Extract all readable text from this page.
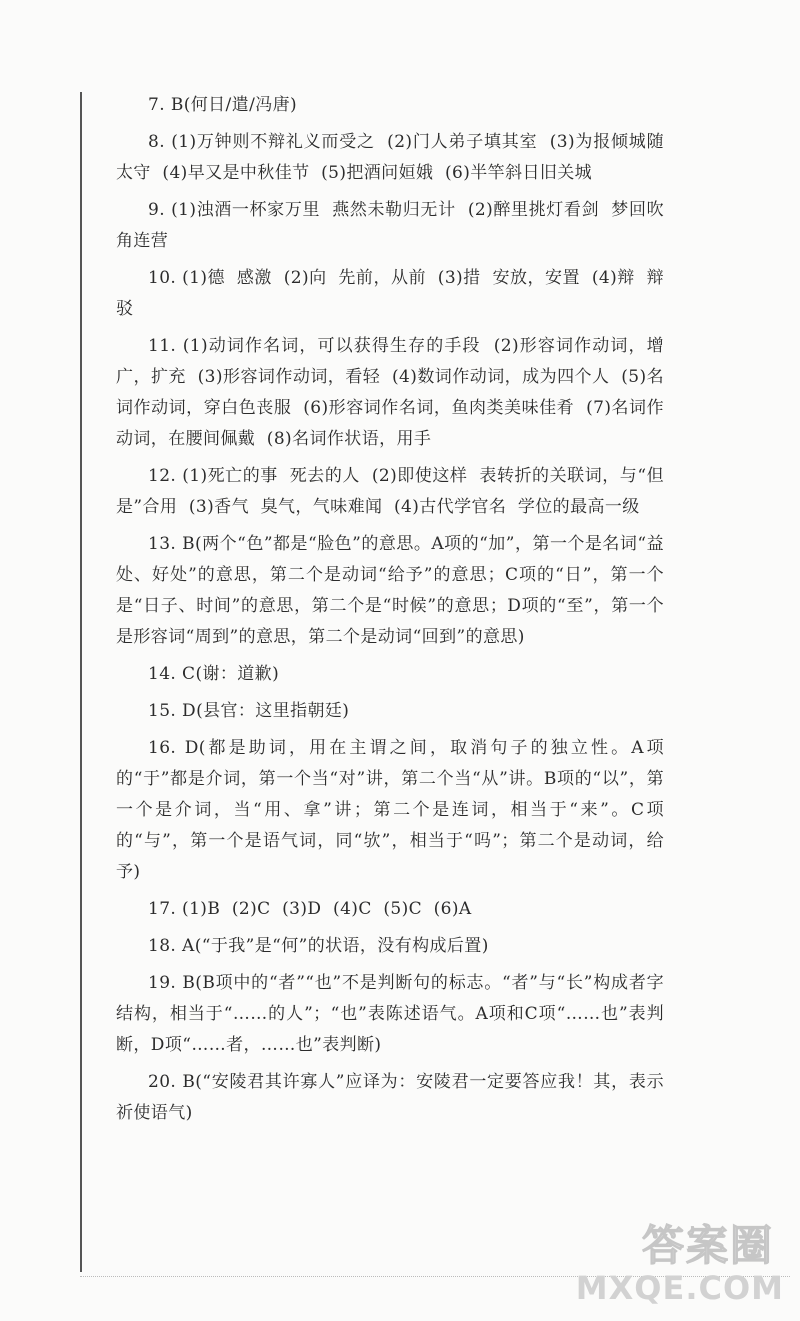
7. B(何日/遣/冯唐)

8. (1)万钟则不辩礼义而受之  (2)门人弟子填其室  (3)为报倾城随太守  (4)早又是中秋佳节  (5)把酒问姮娥  (6)半竿斜日旧关城

9. (1)浊酒一杯家万里  燕然未勒归无计  (2)醉里挑灯看剑  梦回吹角连营

10. (1)德  感激  (2)向  先前，从前  (3)措  安放，安置  (4)辩  辩驳

11. (1)动词作名词，可以获得生存的手段  (2)形容词作动词，增广，扩充  (3)形容词作动词，看轻  (4)数词作动词，成为四个人  (5)名词作动词，穿白色丧服  (6)形容词作名词，鱼肉类美味佳肴  (7)名词作动词，在腰间佩戴  (8)名词作状语，用手

12. (1)死亡的事  死去的人  (2)即使这样  表转折的关联词，与“但是”合用  (3)香气  臭气，气味难闻  (4)古代学官名  学位的最高一级

13. B(两个“色”都是“脸色”的意思。A项的“加”，第一个是名词“益处、好处”的意思，第二个是动词“给予”的意思；C项的“日”，第一个是“日子、时间”的意思，第二个是“时候”的意思；D项的“至”，第一个是形容词“周到”的意思，第二个是动词“回到”的意思)

14. C(谢：道歉)

15. D(县官：这里指朝廷)

16. D(都是助词，用在主谓之间，取消句子的独立性。A项的“于”都是介词，第一个当“对”讲，第二个当“从”讲。B项的“以”，第一个是介词，当“用、拿”讲；第二个是连词，相当于“来”。C项的“与”，第一个是语气词，同“欤”，相当于“吗”；第二个是动词，给予)

17. (1)B  (2)C  (3)D  (4)C  (5)C  (6)A

18. A(“于我”是“何”的状语，没有构成后置)

19. B(B项中的“者”“也”不是判断句的标志。“者”与“长”构成者字结构，相当于“……的人”；“也”表陈述语气。A项和C项“……也”表判断，D项“……者，……也”表判断)

20. B(“安陵君其许寡人”应译为：安陵君一定要答应我！其，表示祈使语气)

答案圈
MXQE.COM
